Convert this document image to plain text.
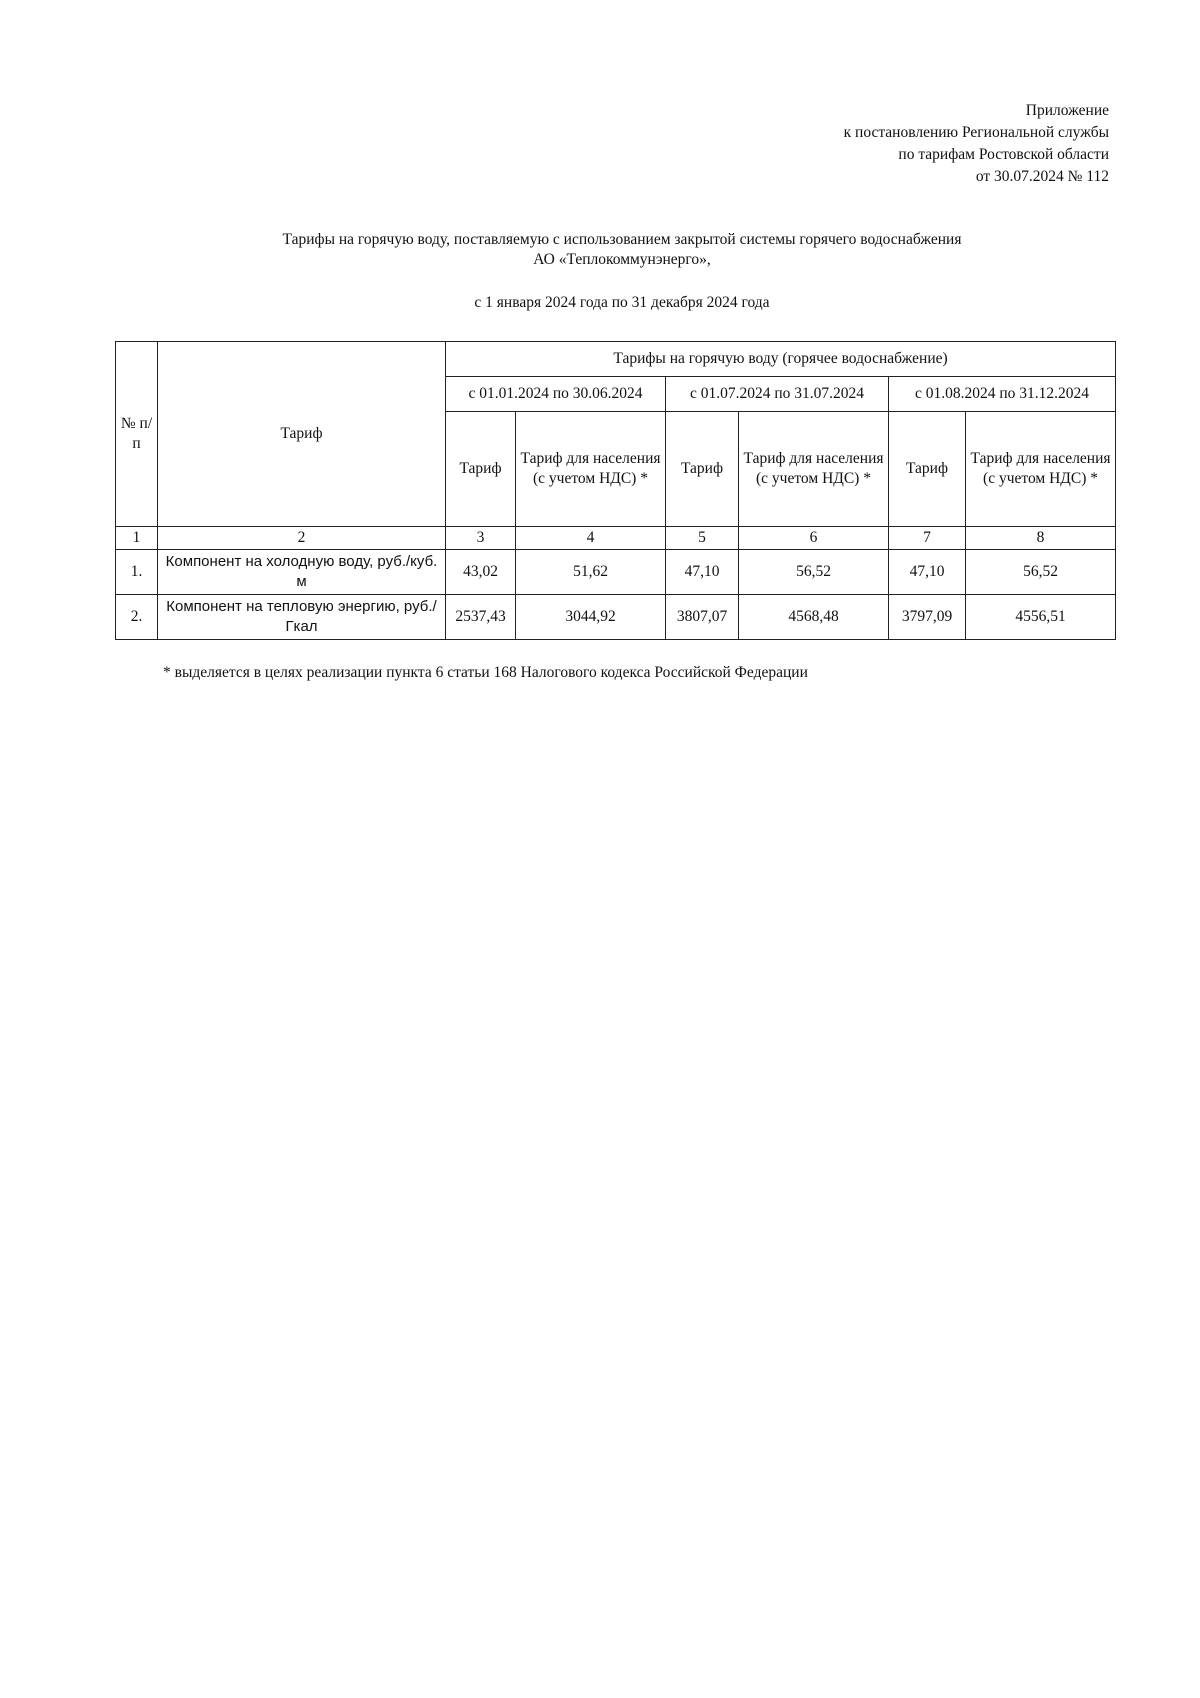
Приложение
к постановлению Региональной службы
по тарифам Ростовской области
от 30.07.2024 № 112
Тарифы на горячую воду, поставляемую с использованием закрытой системы горячего водоснабжения
АО «Теплокоммунэнерго»,
с 1 января 2024 года по 31 декабря 2024 года
№ п/п	Тариф	Тарифы на горячую воду (горячее водоснабжение)					
		с 01.01.2024 по 30.06.2024		с 01.07.2024 по 31.07.2024		с 01.08.2024 по 31.12.2024	
		Тариф	Тариф для населения (с учетом НДС) *	Тариф	Тариф для населения (с учетом НДС) *	Тариф	Тариф для населения (с учетом НДС) *
1	2	3	4	5	6	7	8
1.	Компонент на холодную воду, руб./куб. м	43,02	51,62	47,10	56,52	47,10	56,52
2.	Компонент на тепловую энергию, руб./Гкал	2537,43	3044,92	3807,07	4568,48	3797,09	4556,51
* выделяется в целях реализации пункта 6 статьи 168 Налогового кодекса Российской Федерации
